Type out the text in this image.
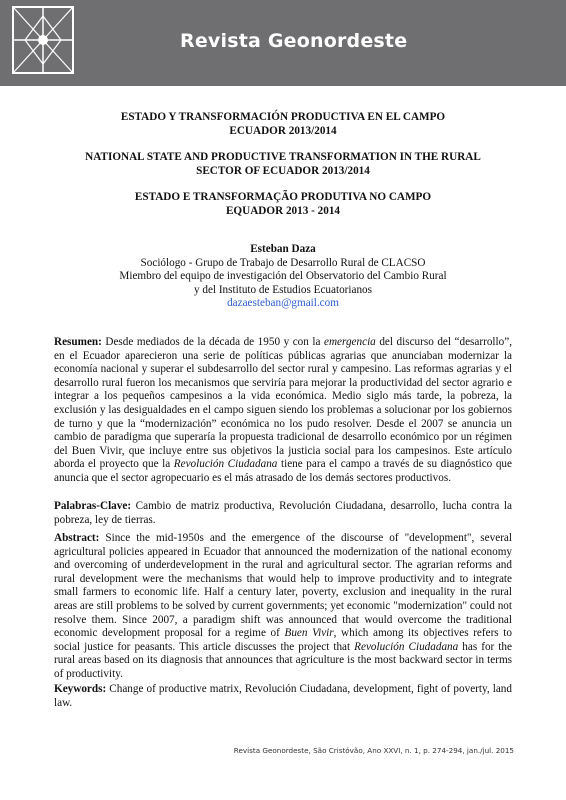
Revista Geonordeste

ESTADO Y TRANSFORMACIÓN PRODUCTIVA EN EL CAMPO
ECUADOR 2013/2014

NATIONAL STATE AND PRODUCTIVE TRANSFORMATION IN THE RURAL
SECTOR OF ECUADOR 2013/2014

ESTADO E TRANSFORMAÇÃO PRODUTIVA NO CAMPO
EQUADOR 2013 - 2014

Esteban Daza
Sociólogo - Grupo de Trabajo de Desarrollo Rural de CLACSO
Miembro del equipo de investigación del Observatorio del Cambio Rural
y del Instituto de Estudios Ecuatorianos
dazaesteban@gmail.com

Resumen: Desde mediados de la década de 1950 y con la emergencia del discurso del “desarrollo”, en el Ecuador aparecieron una serie de políticas públicas agrarias que anunciaban modernizar la economía nacional y superar el subdesarrollo del sector rural y campesino. Las reformas agrarias y el desarrollo rural fueron los mecanismos que serviría para mejorar la productividad del sector agrario e integrar a los pequeños campesinos a la vida económica. Medio siglo más tarde, la pobreza, la exclusión y las desigualdades en el campo siguen siendo los problemas a solucionar por los gobiernos de turno y que la “modernización” económica no los pudo resolver. Desde el 2007 se anuncia un cambio de paradigma que superaría la propuesta tradicional de desarrollo económico por un régimen del Buen Vivir, que incluye entre sus objetivos la justicia social para los campesinos. Este artículo aborda el proyecto que la Revolución Ciudadana tiene para el campo a través de su diagnóstico que anuncia que el sector agropecuario es el más atrasado de los demás sectores productivos.

Palabras-Clave: Cambio de matriz productiva, Revolución Ciudadana, desarrollo, lucha contra la pobreza, ley de tierras.

Abstract: Since the mid-1950s and the emergence of the discourse of "development", several agricultural policies appeared in Ecuador that announced the modernization of the national economy and overcoming of underdevelopment in the rural and agricultural sector. The agrarian reforms and rural development were the mechanisms that would help to improve productivity and to integrate small farmers to economic life. Half a century later, poverty, exclusion and inequality in the rural areas are still problems to be solved by current governments; yet economic "modernization" could not resolve them. Since 2007, a paradigm shift was announced that would overcome the traditional economic development proposal for a regime of Buen Vivir, which among its objectives refers to social justice for peasants. This article discusses the project that Revolución Ciudadana has for the rural areas based on its diagnosis that announces that agriculture is the most backward sector in terms of productivity.

Keywords: Change of productive matrix, Revolución Ciudadana, development, fight of poverty, land law.

Revista Geonordeste, São Cristóvão, Ano XXVI, n. 1, p. 274-294, jan./jul. 2015
